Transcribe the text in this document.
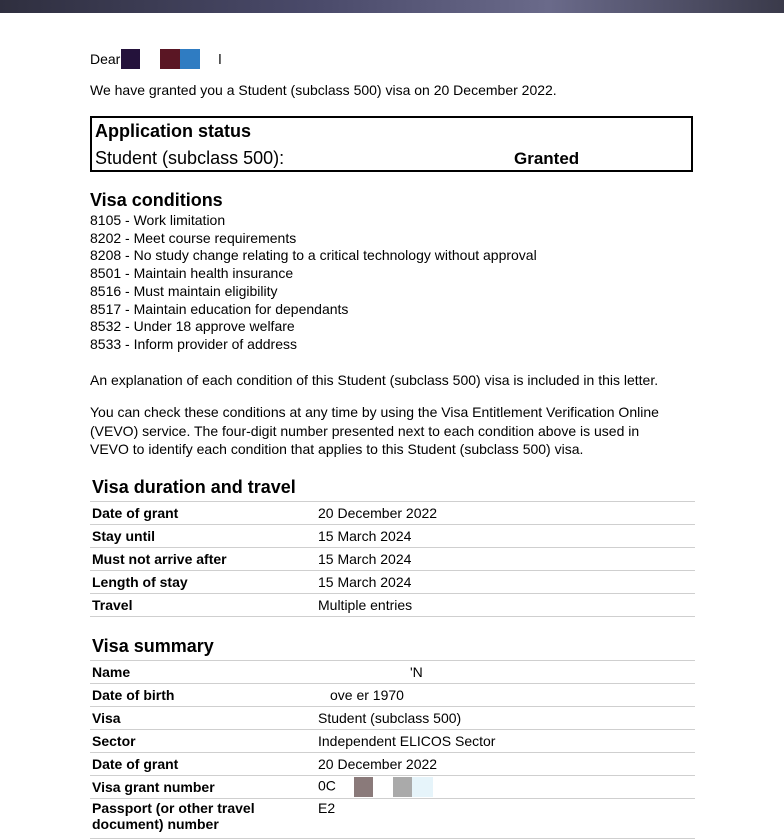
Dear	l
We have granted you a Student (subclass 500) visa on 20 December 2022.
Application status
Student (subclass 500):	Granted
Visa conditions
8105 - Work limitation
8202 - Meet course requirements
8208 - No study change relating to a critical technology without approval
8501 - Maintain health insurance
8516 - Must maintain eligibility
8517 - Maintain education for dependants
8532 - Under 18 approve welfare
8533 - Inform provider of address
An explanation of each condition of this Student (subclass 500) visa is included in this letter.
You can check these conditions at any time by using the Visa Entitlement Verification Online
(VEVO) service. The four-digit number presented next to each condition above is used in
VEVO to identify each condition that applies to this Student (subclass 500) visa.
Visa duration and travel
Date of grant	20 December 2022
Stay until	15 March 2024
Must not arrive after	15 March 2024
Length of stay	15 March 2024
Travel	Multiple entries
Visa summary
Name	'N
Date of birth	ove er 1970
Visa	Student (subclass 500)
Sector	Independent ELICOS Sector
Date of grant	20 December 2022
Visa grant number	0C

Passport (or other travel
document) number	E2
